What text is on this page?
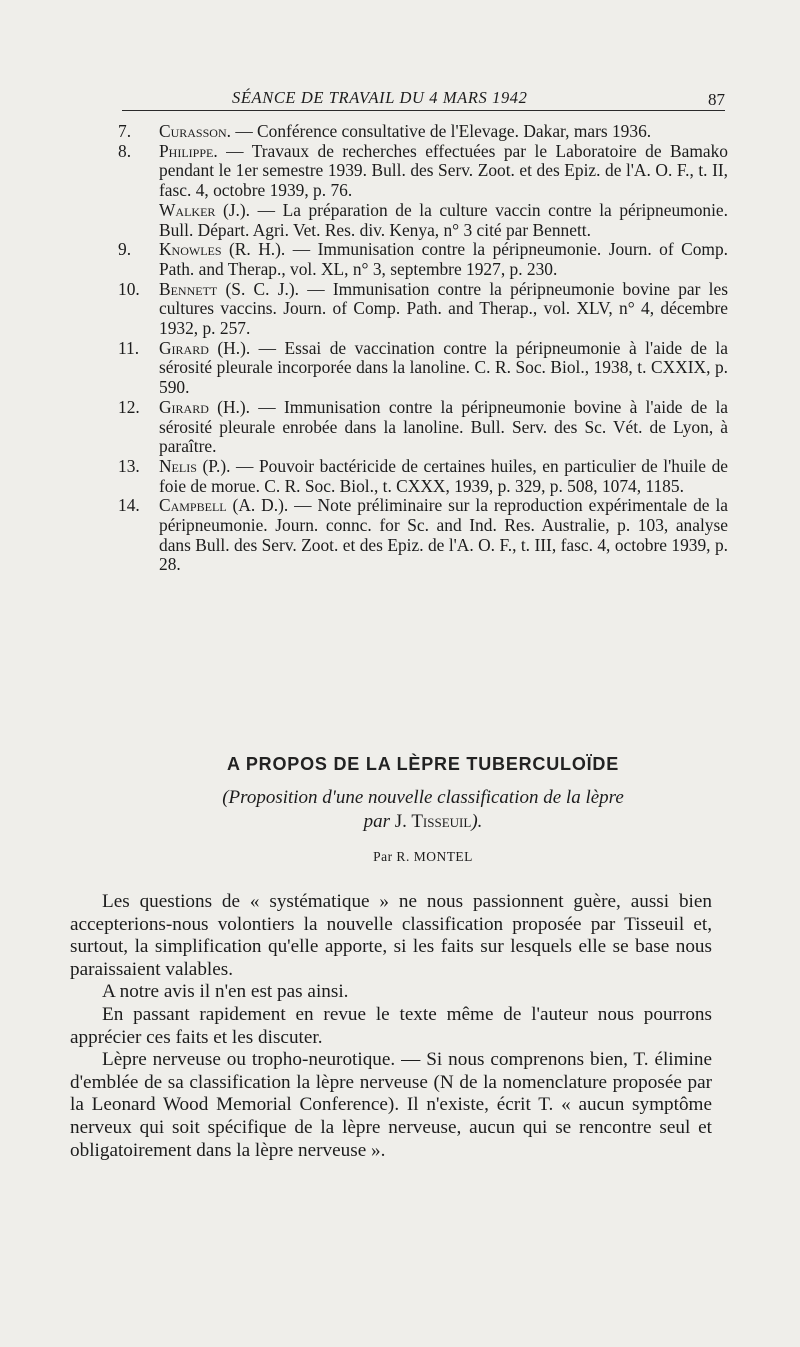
SÉANCE DE TRAVAIL DU 4 MARS 1942	87

7. Curasson. — Conférence consultative de l'Elevage. Dakar, mars 1936.

8. Philippe. — Travaux de recherches effectuées par le Laboratoire de Bamako pendant le 1er semestre 1939. Bull. des Serv. Zoot. et des Epiz. de l'A. O. F., t. II, fasc. 4, octobre 1939, p. 76.

Walker (J.). — La préparation de la culture vaccin contre la péripneumonie. Bull. Départ. Agri. Vet. Res. div. Kenya, n° 3 cité par Bennett.

9. Knowles (R. H.). — Immunisation contre la péripneumonie. Journ. of Comp. Path. and Therap., vol. XL, n° 3, septembre 1927, p. 230.

10. Bennett (S. C. J.). — Immunisation contre la péripneumonie bovine par les cultures vaccins. Journ. of Comp. Path. and Therap., vol. XLV, n° 4, décembre 1932, p. 257.

11. Girard (H.). — Essai de vaccination contre la péripneumonie à l'aide de la sérosité pleurale incorporée dans la lanoline. C. R. Soc. Biol., 1938, t. CXXIX, p. 590.

12. Girard (H.). — Immunisation contre la péripneumonie bovine à l'aide de la sérosité pleurale enrobée dans la lanoline. Bull. Serv. des Sc. Vét. de Lyon, à paraître.

13. Nelis (P.). — Pouvoir bactéricide de certaines huiles, en particulier de l'huile de foie de morue. C. R. Soc. Biol., t. CXXX, 1939, p. 329, p. 508, 1074, 1185.

14. Campbell (A. D.). — Note préliminaire sur la reproduction expérimentale de la péripneumonie. Journ. connc. for Sc. and Ind. Res. Australie, p. 103, analyse dans Bull. des Serv. Zoot. et des Epiz. de l'A. O. F., t. III, fasc. 4, octobre 1939, p. 28.

A PROPOS DE LA LÈPRE TUBERCULOÏDE
(Proposition d'une nouvelle classification de la lèpre
par J. Tisseuil).
Par R. MONTEL

Les questions de « systématique » ne nous passionnent guère, aussi bien accepterions-nous volontiers la nouvelle classification proposée par Tisseuil et, surtout, la simplification qu'elle apporte, si les faits sur lesquels elle se base nous paraissaient valables.

A notre avis il n'en est pas ainsi.

En passant rapidement en revue le texte même de l'auteur nous pourrons apprécier ces faits et les discuter.

Lèpre nerveuse ou tropho-neurotique. — Si nous comprenons bien, T. élimine d'emblée de sa classification la lèpre nerveuse (N de la nomenclature proposée par la Leonard Wood Memorial Conference). Il n'existe, écrit T. « aucun symptôme nerveux qui soit spécifique de la lèpre nerveuse, aucun qui se rencontre seul et obligatoirement dans la lèpre nerveuse ».
